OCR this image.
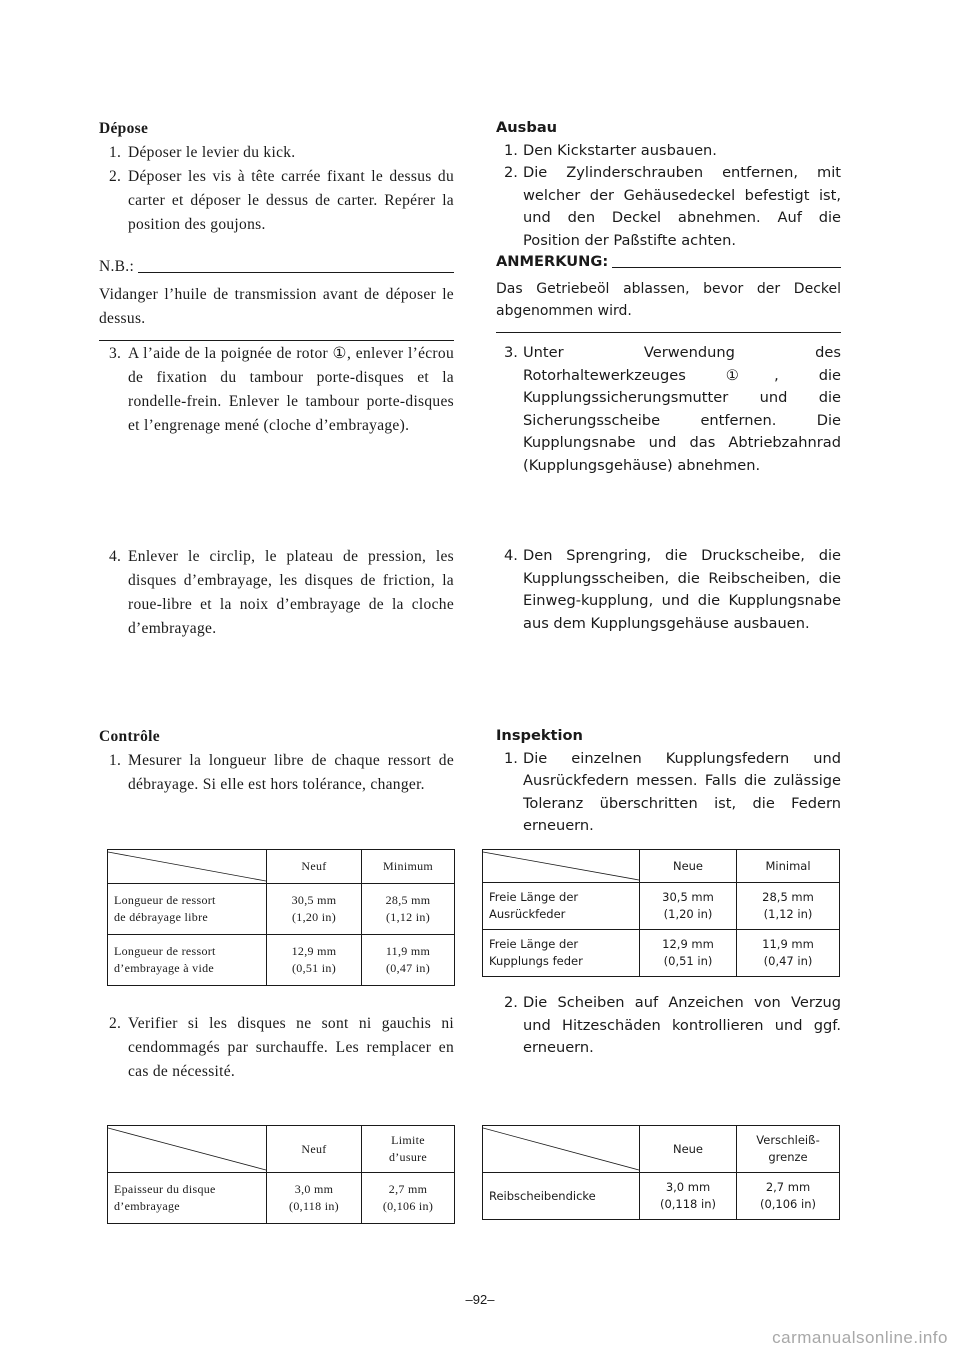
Dépose
1. Déposer le levier du kick.
2. Déposer les vis à tête carrée fixant le dessus du carter et déposer le dessus de carter. Repérer la position des goujons.
N.B.:
Vidanger l’huile de transmission avant de déposer le dessus.
3. A l’aide de la poignée de rotor ①, enlever l’écrou de fixation du tambour porte-disques et la rondelle-frein. Enlever le tambour porte-disques et l’engrenage mené (cloche d’embrayage).
4. Enlever le circlip, le plateau de pression, les disques d’embrayage, les disques de friction, la roue-libre et la noix d’embrayage de la cloche d’embrayage.
Contrôle
1. Mesurer la longueur libre de chaque ressort de débrayage. Si elle est hors tolérance, changer.
Neuf	Minimum
Longueur de ressort
de débrayage libre
30,5 mm
(1,20 in)
28,5 mm
(1,12 in)
Longueur de ressort
d’embrayage à vide
12,9 mm
(0,51 in)
11,9 mm
(0,47 in)
2. Verifier si les disques ne sont ni gauchis ni cendommagés par surchauffe. Les remplacer en cas de nécessité.
Neuf
Limite
d’usure
Epaisseur du disque
d’embrayage
3,0 mm
(0,118 in)
2,7 mm
(0,106 in)
Ausbau
1. Den Kickstarter ausbauen.
2. Die Zylinderschrauben entfernen, mit welcher der Gehäusedeckel befestigt ist, und den Deckel abnehmen. Auf die Position der Paßstifte achten.
ANMERKUNG:
Das Getriebeöl ablassen, bevor der Deckel abgenommen wird.
3. Unter Verwendung des Rotorhaltewerkzeuges ①, die Kupplungssicherungsmutter und die Sicherungsscheibe entfernen. Die Kupplungsnabe und das Abtriebzahnrad (Kupplungsgehäuse) abnehmen.
4. Den Sprengring, die Druckscheibe, die Kupplungsscheiben, die Reibscheiben, die Einweg-kupplung, und die Kupplungsnabe aus dem Kupplungsgehäuse ausbauen.
Inspektion
1. Die einzelnen Kupplungsfedern und Ausrückfedern messen. Falls die zulässige Toleranz überschritten ist, die Federn erneuern.
Neue	Minimal
Freie Länge der
Ausrückfeder
30,5 mm
(1,20 in)
28,5 mm
(1,12 in)
Freie Länge der
Kupplungs feder
12,9 mm
(0,51 in)
11,9 mm
(0,47 in)
2. Die Scheiben auf Anzeichen von Verzug und Hitzeschäden kontrollieren und ggf. erneuern.
Neue
Verschleiß-
grenze
Reibscheibendicke
3,0 mm
(0,118 in)
2,7 mm
(0,106 in)
–92–
carmanualsonline.info
